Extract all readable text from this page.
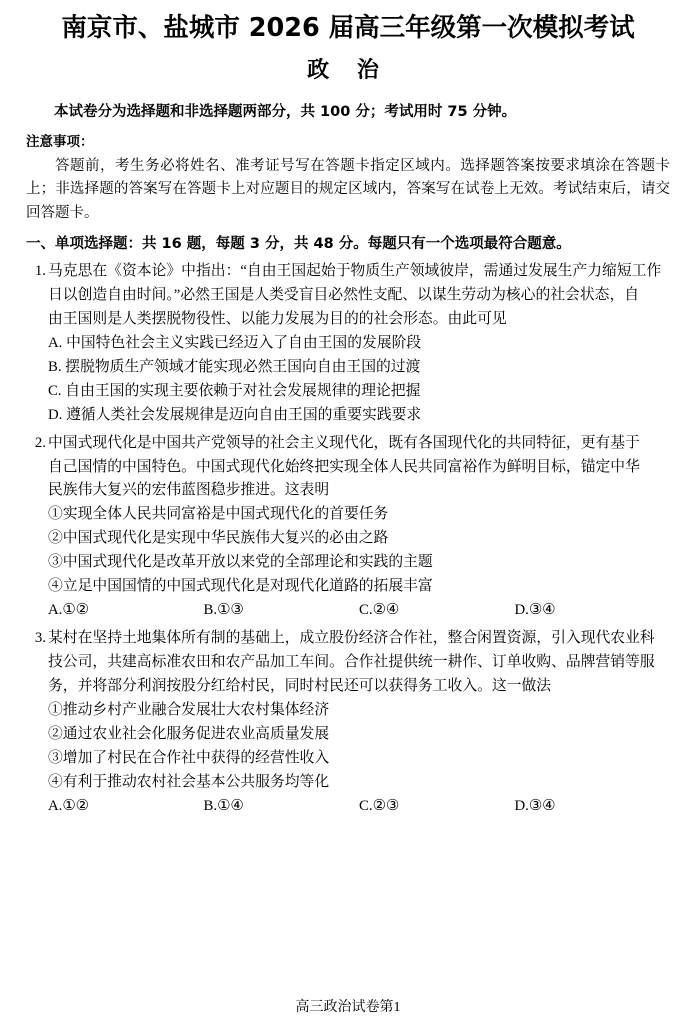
南京市、盐城市 2026 届高三年级第一次模拟考试
政 治
本试卷分为选择题和非选择题两部分，共 100 分；考试用时 75 分钟。
注意事项：
答题前，考生务必将姓名、准考证号写在答题卡指定区域内。选择题答案按要求填涂在答题卡上；非选择题的答案写在答题卡上对应题目的规定区域内，答案写在试卷上无效。考试结束后，请交回答题卡。
一、单项选择题：共 16 题，每题 3 分，共 48 分。每题只有一个选项最符合题意。
1. 马克思在《资本论》中指出：“自由王国起始于物质生产领域彼岸，需通过发展生产力缩短工作
日以创造自由时间。”必然王国是人类受盲目必然性支配、以谋生劳动为核心的社会状态，自
由王国则是人类摆脱物役性、以能力发展为目的的社会形态。由此可见
A. 中国特色社会主义实践已经迈入了自由王国的发展阶段
B. 摆脱物质生产领域才能实现必然王国向自由王国的过渡
C. 自由王国的实现主要依赖于对社会发展规律的理论把握
D. 遵循人类社会发展规律是迈向自由王国的重要实践要求
2. 中国式现代化是中国共产党领导的社会主义现代化，既有各国现代化的共同特征，更有基于
自己国情的中国特色。中国式现代化始终把实现全体人民共同富裕作为鲜明目标，锚定中华
民族伟大复兴的宏伟蓝图稳步推进。这表明
①实现全体人民共同富裕是中国式现代化的首要任务
②中国式现代化是实现中华民族伟大复兴的必由之路
③中国式现代化是改革开放以来党的全部理论和实践的主题
④立足中国国情的中国式现代化是对现代化道路的拓展丰富
A.①②	B.①③	C.②④	D.③④
3. 某村在坚持土地集体所有制的基础上，成立股份经济合作社，整合闲置资源，引入现代农业科
技公司，共建高标准农田和农产品加工车间。合作社提供统一耕作、订单收购、品牌营销等服
务，并将部分利润按股分红给村民，同时村民还可以获得务工收入。这一做法
①推动乡村产业融合发展壮大农村集体经济
②通过农业社会化服务促进农业高质量发展
③增加了村民在合作社中获得的经营性收入
④有利于推动农村社会基本公共服务均等化
A.①②	B.①④	C.②③	D.③④
高三政治试卷第1
